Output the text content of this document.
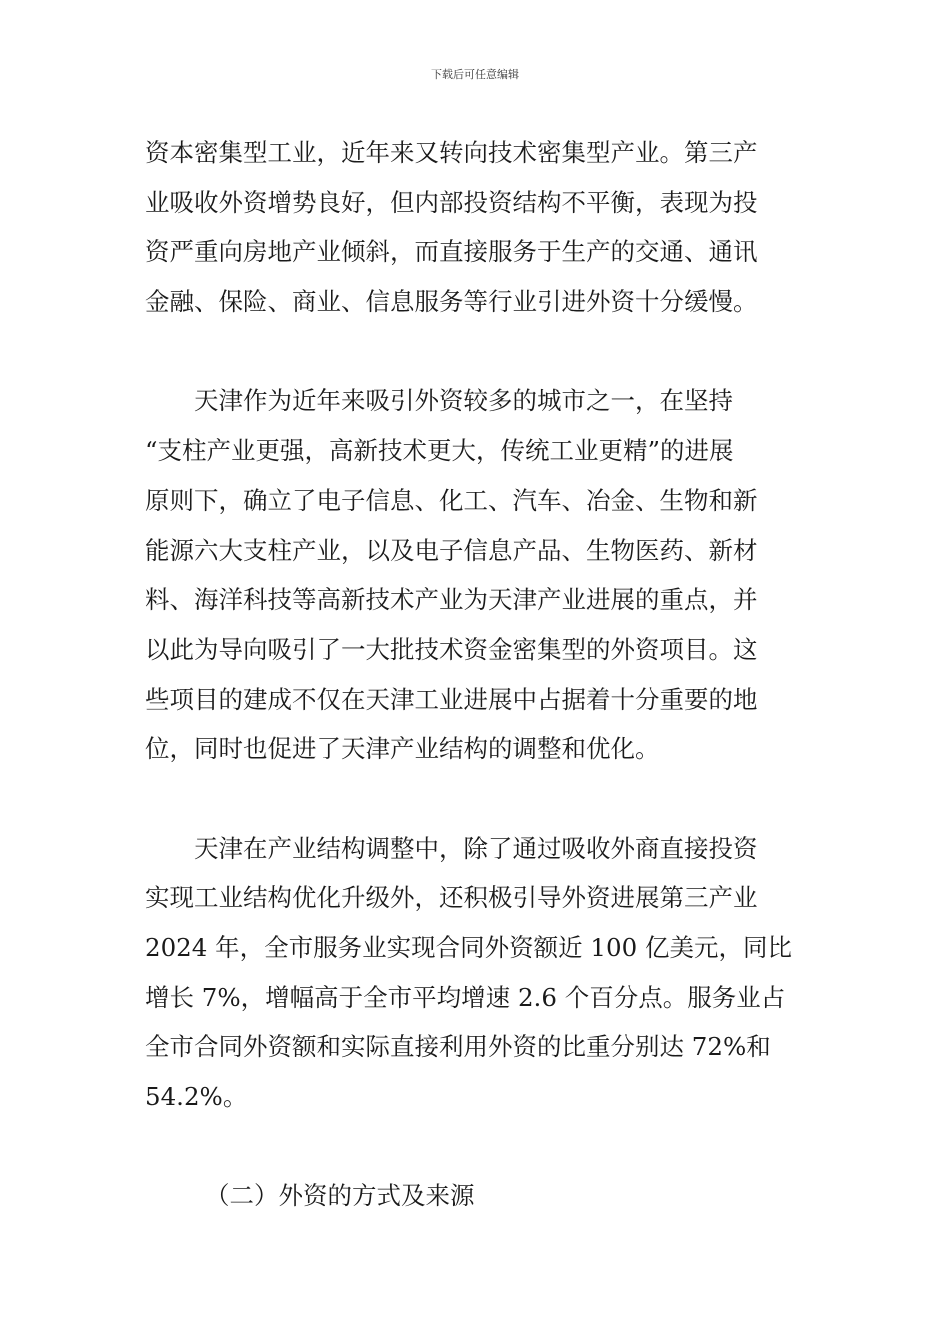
下载后可任意编辑
资本密集型工业，近年来又转向技术密集型产业。第三产
业吸收外资增势良好，但内部投资结构不平衡，表现为投
资严重向房地产业倾斜，而直接服务于生产的交通、通讯
金融、保险、商业、信息服务等行业引进外资十分缓慢。
　　天津作为近年来吸引外资较多的城市之一，在坚持
“支柱产业更强，高新技术更大，传统工业更精”的进展
原则下，确立了电子信息、化工、汽车、冶金、生物和新
能源六大支柱产业，以及电子信息产品、生物医药、新材
料、海洋科技等高新技术产业为天津产业进展的重点，并
以此为导向吸引了一大批技术资金密集型的外资项目。这
些项目的建成不仅在天津工业进展中占据着十分重要的地
位，同时也促进了天津产业结构的调整和优化。
　　天津在产业结构调整中，除了通过吸收外商直接投资
实现工业结构优化升级外，还积极引导外资进展第三产业
2024 年，全市服务业实现合同外资额近 100 亿美元，同比
增长 7%，增幅高于全市平均增速 2.6 个百分点。服务业占
全市合同外资额和实际直接利用外资的比重分别达 72%和
54.2%。
（二）外资的方式及来源
